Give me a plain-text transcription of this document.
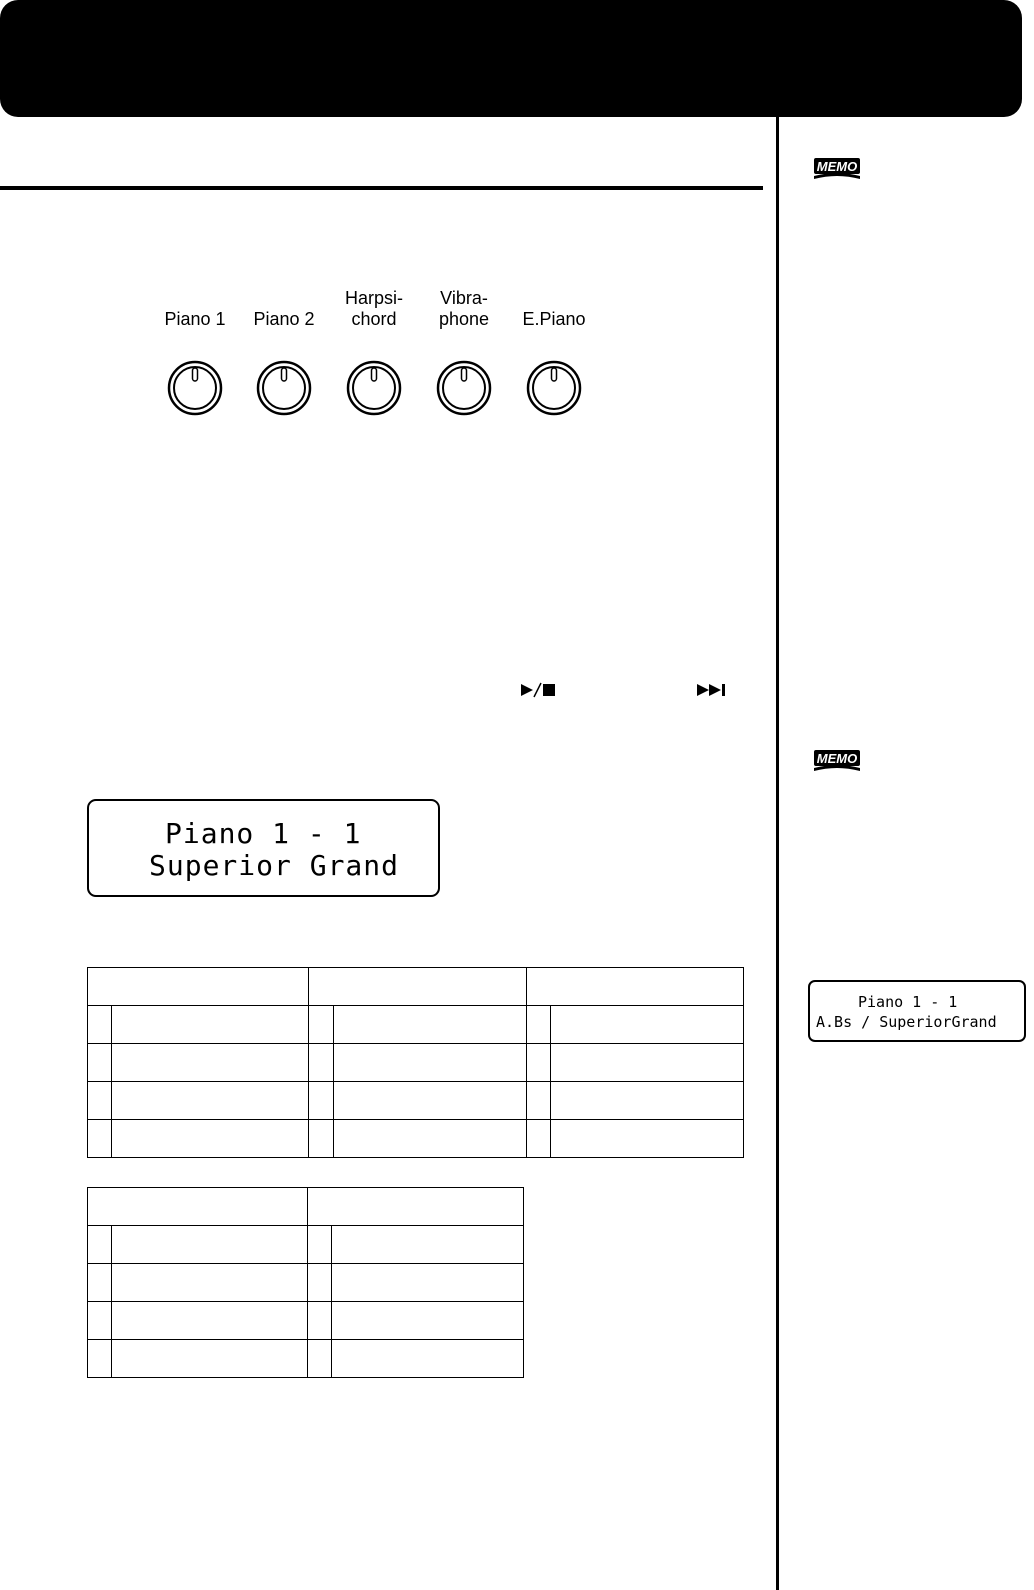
MEMO
MEMO
Piano 1	Piano 2
Harpsi-
chord
Vibra-
phone	E.Piano
Piano 1 - 1
Superior Grand
Piano 1 - 1
A.Bs / SuperiorGrand
